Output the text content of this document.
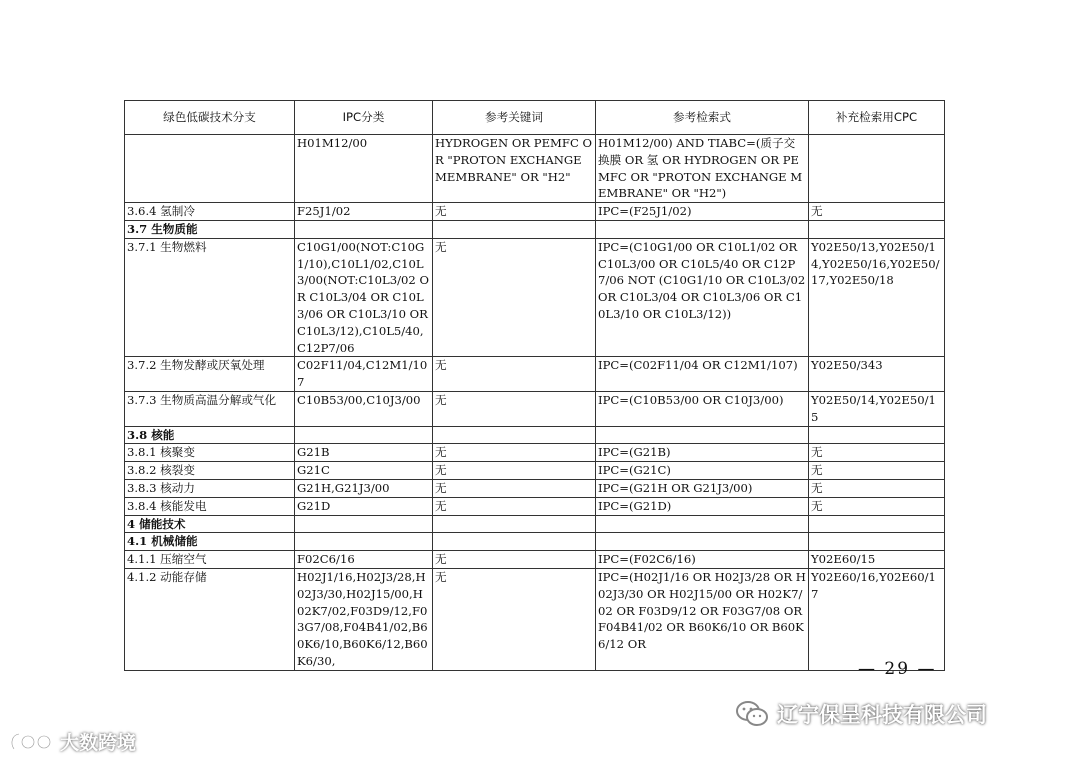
绿色低碳技术分支	IPC分类	参考关键词	参考检索式	补充检索用CPC
	H01M12/00	HYDROGEN OR PEMFC OR "PROTON EXCHANGE MEMBRANE" OR "H2"	H01M12/00) AND TIABC=(质子交换膜 OR 氢 OR HYDROGEN OR PEMFC OR "PROTON EXCHANGE MEMBRANE" OR "H2")	
3.6.4 氢制冷	F25J1/02	无	IPC=(F25J1/02)	无
3.7 生物质能				
3.7.1 生物燃料	C10G1/00(NOT:C10G1/10),C10L1/02,C10L3/00(NOT:C10L3/02 OR C10L3/04 OR C10L3/06 OR C10L3/10 OR C10L3/12),C10L5/40,C12P7/06	无	IPC=(C10G1/00 OR C10L1/02 OR C10L3/00 OR C10L5/40 OR C12P7/06 NOT (C10G1/10 OR C10L3/02 OR C10L3/04 OR C10L3/06 OR C10L3/10 OR C10L3/12))	Y02E50/13,Y02E50/14,Y02E50/16,Y02E50/17,Y02E50/18
3.7.2 生物发酵或厌氧处理	C02F11/04,C12M1/107	无	IPC=(C02F11/04 OR C12M1/107)	Y02E50/343
3.7.3 生物质高温分解或气化	C10B53/00,C10J3/00	无	IPC=(C10B53/00 OR C10J3/00)	Y02E50/14,Y02E50/15
3.8 核能				
3.8.1 核聚变	G21B	无	IPC=(G21B)	无
3.8.2 核裂变	G21C	无	IPC=(G21C)	无
3.8.3 核动力	G21H,G21J3/00	无	IPC=(G21H OR G21J3/00)	无
3.8.4 核能发电	G21D	无	IPC=(G21D)	无
4 储能技术				
4.1 机械储能				
4.1.1 压缩空气	F02C6/16	无	IPC=(F02C6/16)	Y02E60/15
4.1.2 动能存储	H02J1/16,H02J3/28,H02J3/30,H02J15/00,H02K7/02,F03D9/12,F03G7/08,F04B41/02,B60K6/10,B60K6/12,B60K6/30,	无	IPC=(H02J1/16 OR H02J3/28 OR H02J3/30 OR H02J15/00 OR H02K7/02 OR F03D9/12 OR F03G7/08 OR F04B41/02 OR B60K6/10 OR B60K6/12 OR	Y02E60/16,Y02E60/17
— 29 —
辽宁保呈科技有限公司
大数跨境
